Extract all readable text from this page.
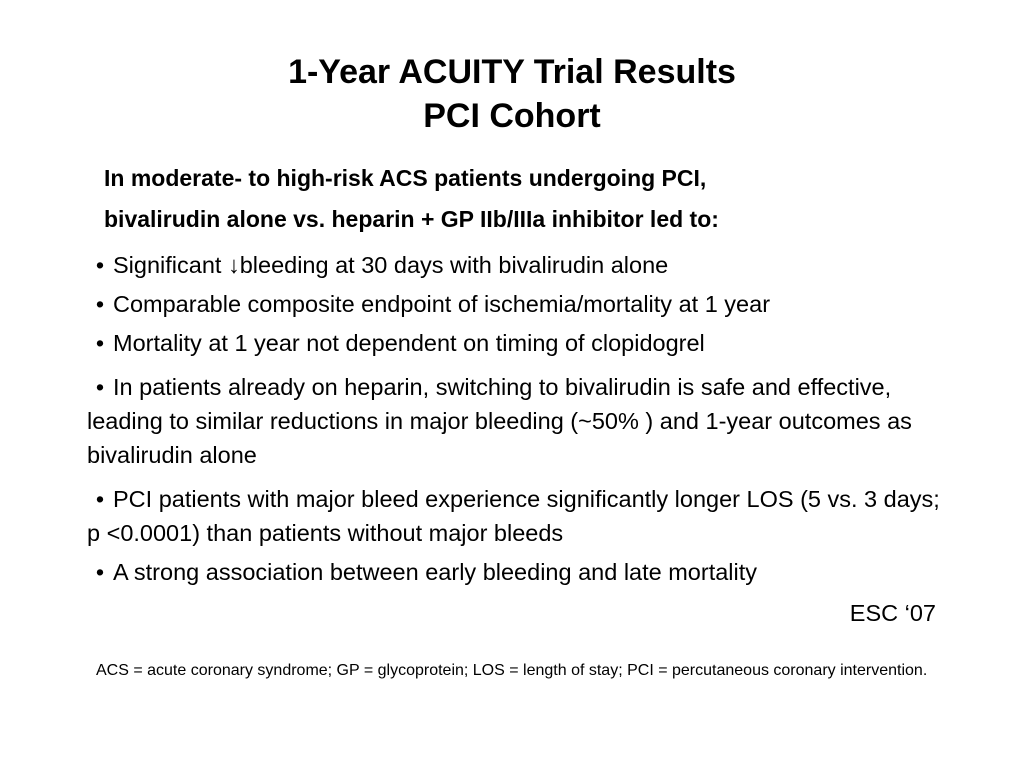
1-Year ACUITY Trial Results
PCI Cohort
In moderate- to high-risk ACS patients undergoing PCI,
bivalirudin alone vs. heparin + GP IIb/IIIa inhibitor led to:
• Significant ↓bleeding at 30 days with bivalirudin alone
• Comparable composite endpoint of ischemia/mortality at 1 year
• Mortality at 1 year not dependent on timing of clopidogrel
• In patients already on heparin, switching to bivalirudin is safe and effective, leading to similar reductions in major bleeding (~50% ) and 1-year outcomes as bivalirudin alone
• PCI patients with major bleed experience significantly longer LOS (5 vs. 3 days; p <0.0001) than patients without major bleeds
• A strong association between early bleeding and late mortality
ESC ‘07
ACS = acute coronary syndrome; GP = glycoprotein; LOS = length of stay; PCI = percutaneous coronary intervention.
